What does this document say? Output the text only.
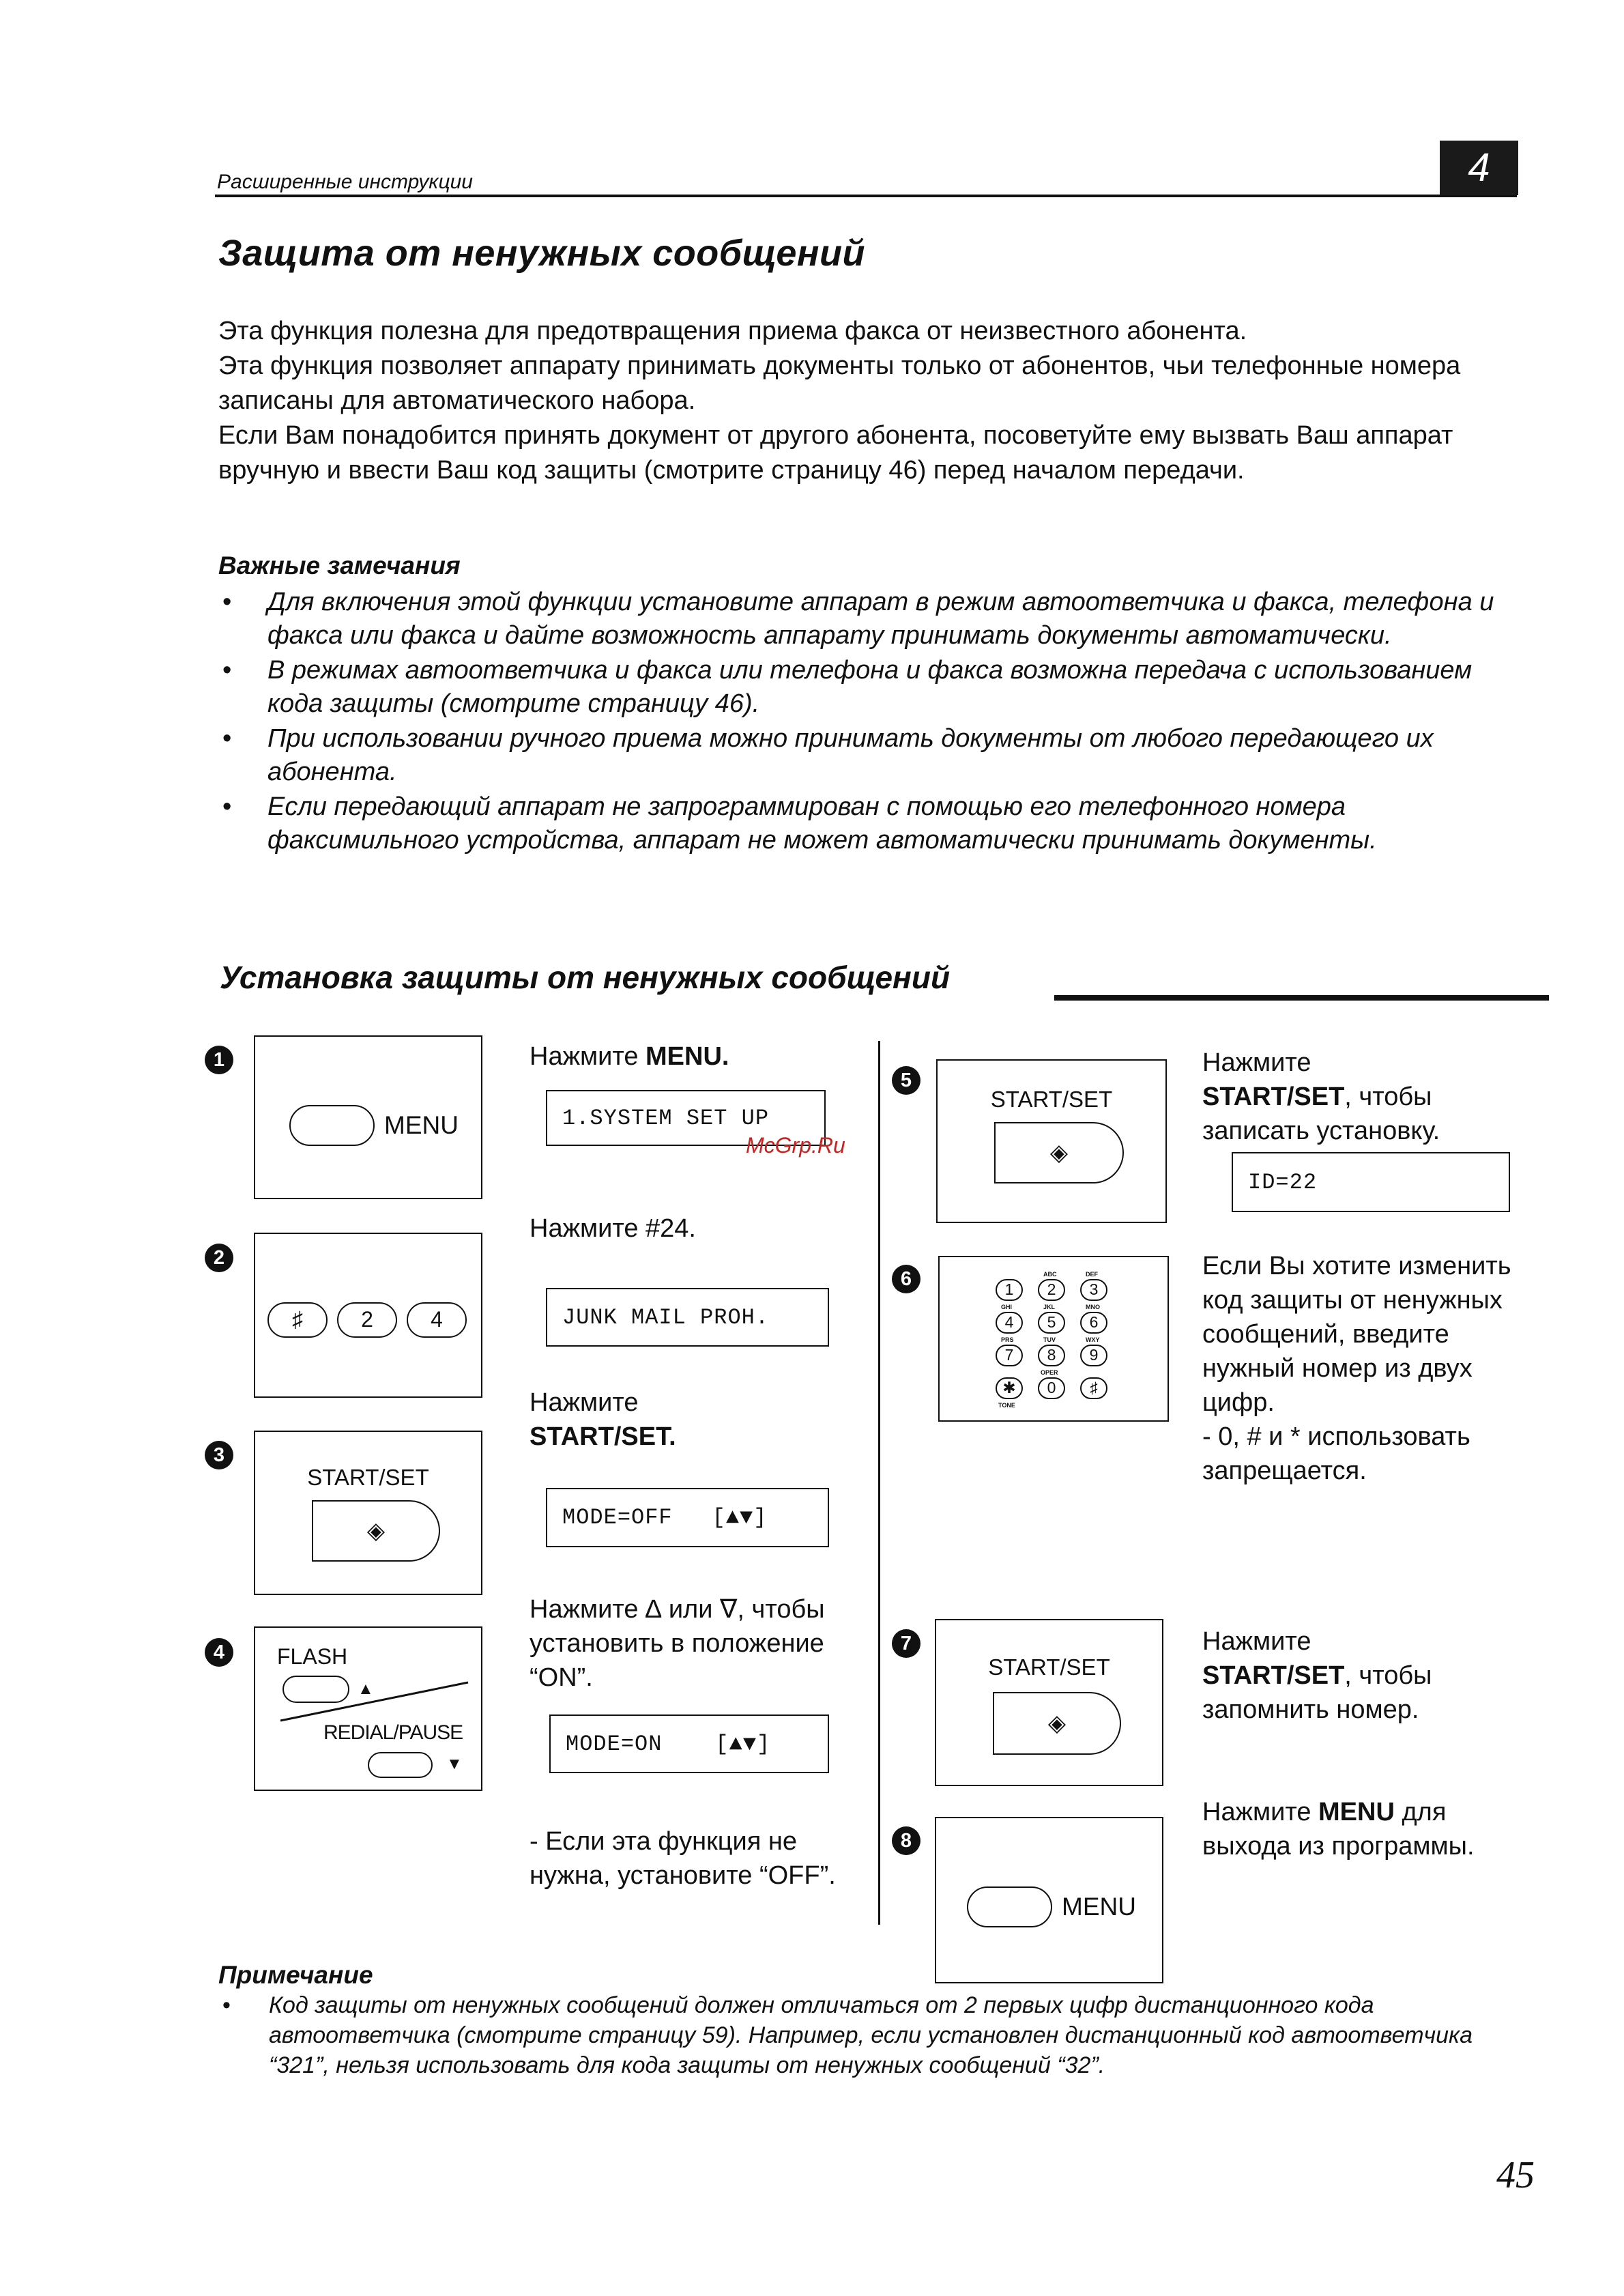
Расширенные инструкции	4
Защита от ненужных сообщений

Эта функция полезна для предотвращения приема факса от неизвестного абонента.

Эта функция позволяет аппарату принимать документы только от абонентов, чьи телефонные номера записаны для автоматического набора.

Если Вам понадобится принять документ от другого абонента, посоветуйте ему вызвать Ваш аппарат вручную и ввести Ваш код защиты (смотрите страницу 46) перед началом передачи.

Важные замечания
• Для включения этой функции установите аппарат в режим автоответчика и факса, телефона и факса или факса и дайте возможность аппарату принимать документы автоматически.
• В режимах автоответчика и факса или телефона и факса возможна передача с использованием кода защиты (смотрите страницу 46).
• При использовании ручного приема можно принимать документы от любого передающего их абонента.
• Если передающий аппарат не запрограммирован с помощью его телефонного номера факсимильного устройства, аппарат не может автоматически принимать документы.
Установка защиты от ненужных сообщений
1
MENU
Нажмите MENU.
1.SYSTEM SET UP
McGrp.Ru
2
♯	2	4
Нажмите #24.
JUNK MAIL PROH.
3
START/SET
◈
Нажмите
START/SET.
MODE=OFF [▲▼]
4	FLASH
▲
REDIAL/PAUSE
▼
Нажмите ∆ или ∇, чтобы установить в положение “ON”.
MODE=ON [▲▼]
- Если эта функция не нужна, установите “OFF”.
5
START/SET
◈
Нажмите
START/SET, чтобы записать установку.
ID=22
6	1	2	3
4	5	6
7	8	9
✱	0	♯
ABC	DEF
GHI	JKL	MNO
PRS	TUV	WXY
OPER
TONE
Если Вы хотите изменить код защиты от ненужных сообщений, введите нужный номер из двух цифр.
- 0, # и * использовать запрещается.
7
START/SET
◈
Нажмите
START/SET, чтобы запомнить номер.
8
MENU
Нажмите MENU для выхода из программы.
Примечание
• Код защиты от ненужных сообщений должен отличаться от 2 первых цифр дистанционного кода автоответчика (смотрите страницу 59). Например, если установлен дистанционный код автоответчика “321”, нельзя использовать для кода защиты от ненужных сообщений “32”.
45
